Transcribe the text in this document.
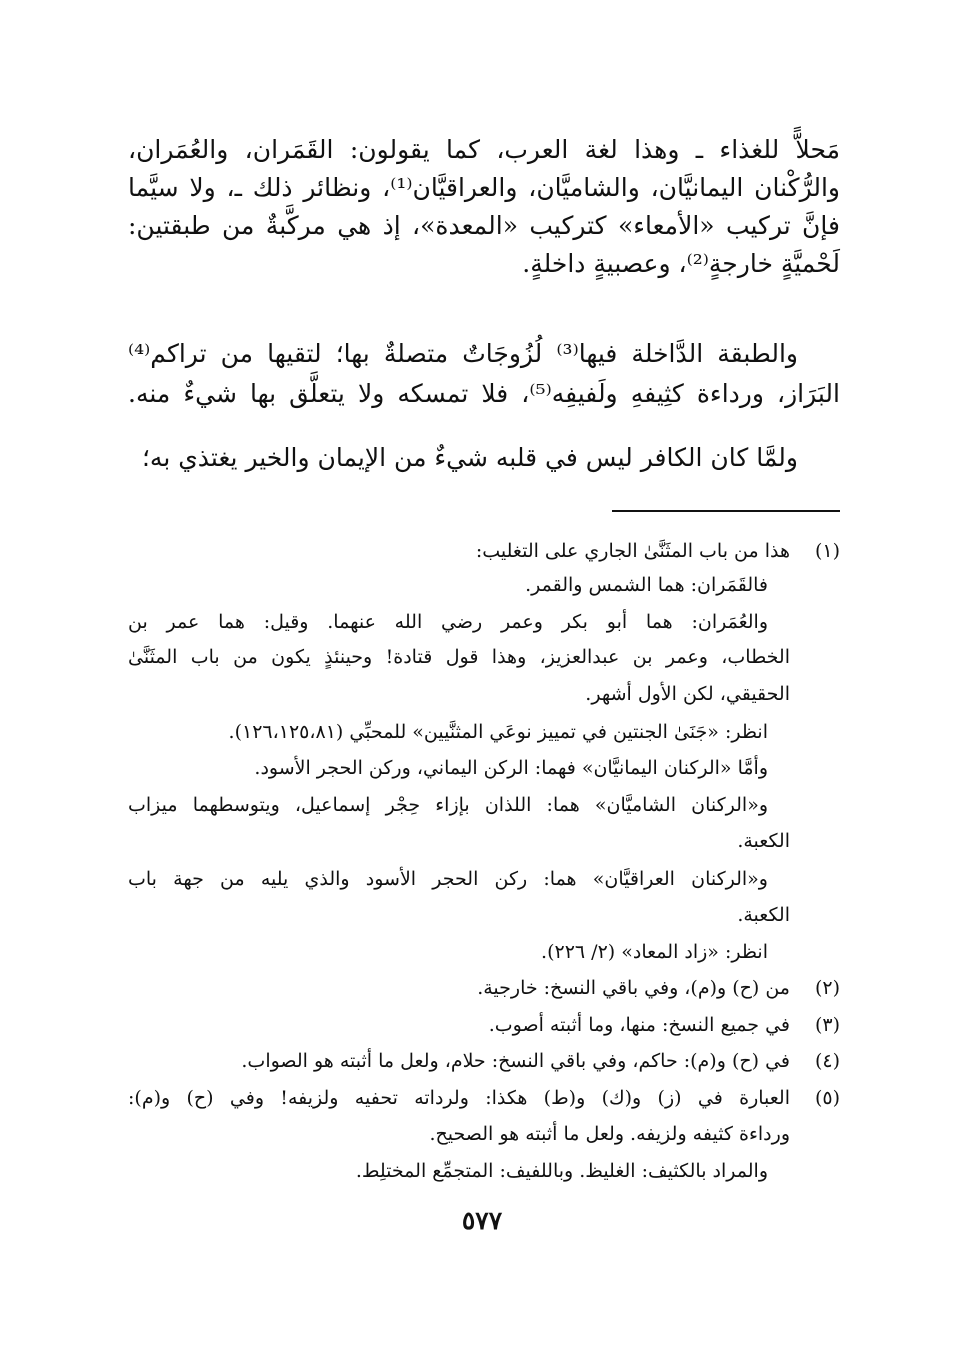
مَحلاًّ للغذاء ـ وهذا لغة العرب، كما يقولون: القَمَران، والعُمَران،
والرُّكْنان اليمانيَّان، والشاميَّان، والعراقيَّان⁽¹⁾، ونظائر ذلك ـ، ولا سيَّما
فإنَّ تركيب «الأمعاء» كتركيب «المعدة»، إذ هي مركَّبةٌ من طبقتين:
لَحْميَّةٍ خارجةٍ⁽²⁾، وعصبيةٍ داخلةٍ.
والطبقة الدَّاخلة فيها⁽³⁾ لُزُوجَاتٌ متصلةٌ بها؛ لتقيها من تراكم⁽⁴⁾
البَرَاز، ورداءة كثِيفهِ ولَفيفِه⁽⁵⁾، فلا تمسكه ولا يتعلَّق بها شيءٌ منه.
ولمَّا كان الكافر ليس في قلبه شيءٌ من الإيمان والخير يغتذي به؛
(١)
هذا من باب المثَنَّىٰ الجاري على التغليب:
فالقَمَران: هما الشمس والقمر.
والعُمَران: هما أبو بكر وعمر رضي الله عنهما. وقيل: هما عمر بن
الخطاب، وعمر بن عبدالعزيز، وهذا قول قتادة! وحينئذٍ يكون من باب المثَنَّىٰ
الحقيقي، لكن الأول أشهر.
انظر: «جَنَىٰ الجنتين في تمييز نوعَي المثنَّيين» للمحبِّي (١٢٦،١٢٥،٨١).
وأمَّا «الركنان اليمانيَّان» فهما: الركن اليماني، وركن الحجر الأسود.
و«الركنان الشاميَّان» هما: اللذان بإزاء حِجْر إسماعيل، ويتوسطهما ميزاب
الكعبة.
و«الركنان العراقيَّان» هما: ركن الحجر الأسود والذي يليه من جهة باب
الكعبة.
انظر: «زاد المعاد» (٢/ ٢٢٦).
(٢)
من (ح) و(م)، وفي باقي النسخ: خارجية.
(٣)
في جميع النسخ: منها، وما أثبته أصوب.
(٤)
في (ح) و(م): حاكم، وفي باقي النسخ: حلام، ولعل ما أثبته هو الصواب.
(٥)
العبارة في (ز) و(ك) و(ط) هكذا: ولرداته تحفيه ولزيفه! وفي (ح) و(م):
ورداءة كثيفه ولزيفه. ولعل ما أثبته هو الصحيح.
والمراد بالكثيف: الغليظ. وباللفيف: المتجمِّع المختلِط.
٥٧٧
